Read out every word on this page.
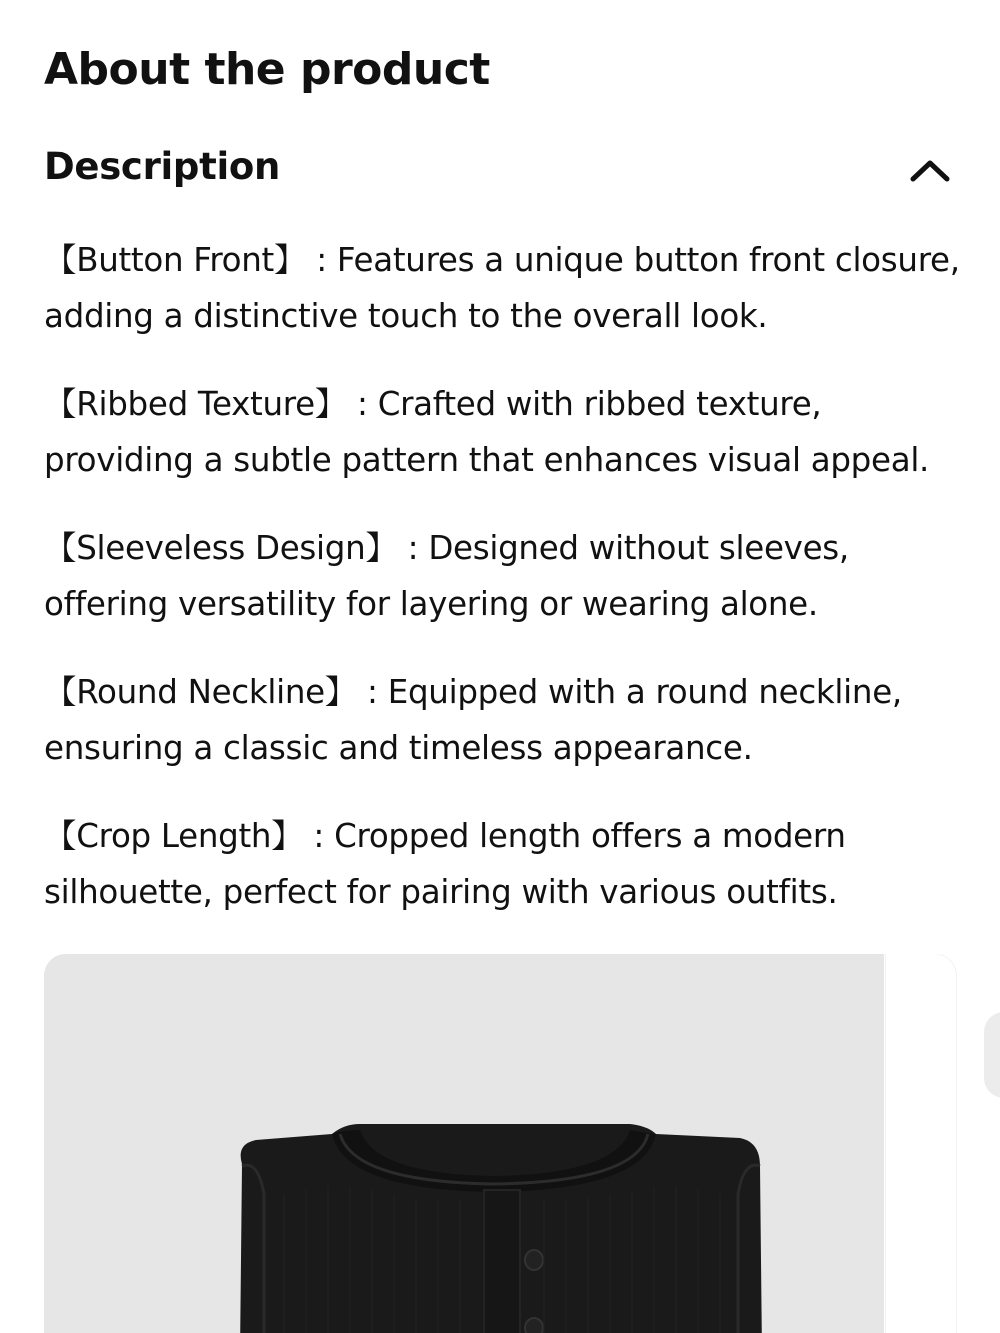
About the product
Description

【Button Front】 : Features a unique button front closure, adding a distinctive touch to the overall look.

【Ribbed Texture】 : Crafted with ribbed texture, providing a subtle pattern that enhances visual appeal.

【Sleeveless Design】 : Designed without sleeves, offering versatility for layering or wearing alone.

【Round Neckline】 : Equipped with a round neckline, ensuring a classic and timeless appearance.

【Crop Length】 : Cropped length offers a modern silhouette, perfect for pairing with various outfits.
